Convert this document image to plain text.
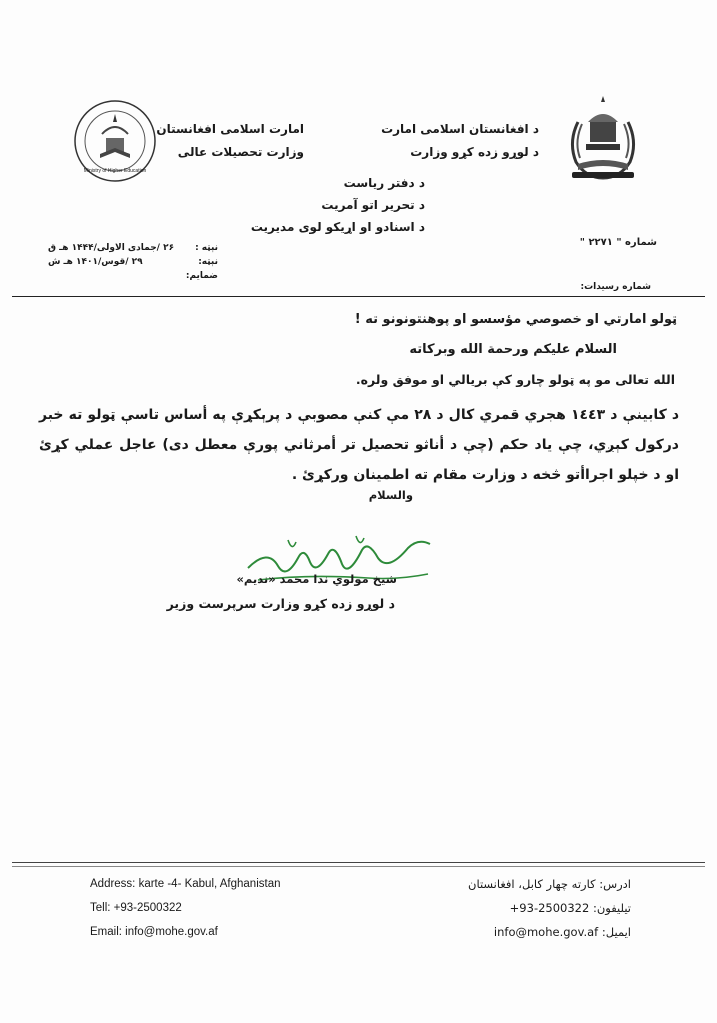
Ministry of Higher Education
د افغانستان اسلامی امارت
د لوړو زده کړو وزارت
امارت اسلامی افغانستان
وزارت تحصیلات عالی
د دفتر ریاست
د تحریر اتو آمریت
د اسنادو او اړیکو لوی مدیریت
شماره " ۲۲۷۱ "
شماره رسیدات:
نېټه :
۲۶ /جمادی الاولی/۱۴۴۴ هـ ق
نېټه:
۲۹ /قوس/۱۴۰۱ هـ ش
ضمایم:
ټولو امارتي او خصوصي مؤسسو او پوهنتونونو ته !
السلام علیکم ورحمة الله وبرکاته
الله تعالی مو په ټولو چارو کې بریالي او موفق ولره.
د کابینې د ۱٤٤۳ هجري قمري کال د ۲۸ مې کنې مصوبې د پرېکړې په أساس تاسې ټولو ته خبر درکول کېږي، چې یاد حکم (چې د أناثو تحصیل تر أمرثاني پورې معطل دی) عاجل عملي کړئ او د خپلو اجراأتو څخه د وزارت مقام ته اطمینان ورکړئ .
والسلام
شیخ مولوي ندا محمد «ندیم»
د لوړو زده کړو وزارت سرپرست وزیر
Address: karte -4- Kabul, Afghanistan
Tell: +93-2500322
Email: info@mohe.gov.af
ادرس: کارته چهار کابل، افغانستان
تیلیفون: +93-2500322
ایمیل: info@mohe.gov.af
